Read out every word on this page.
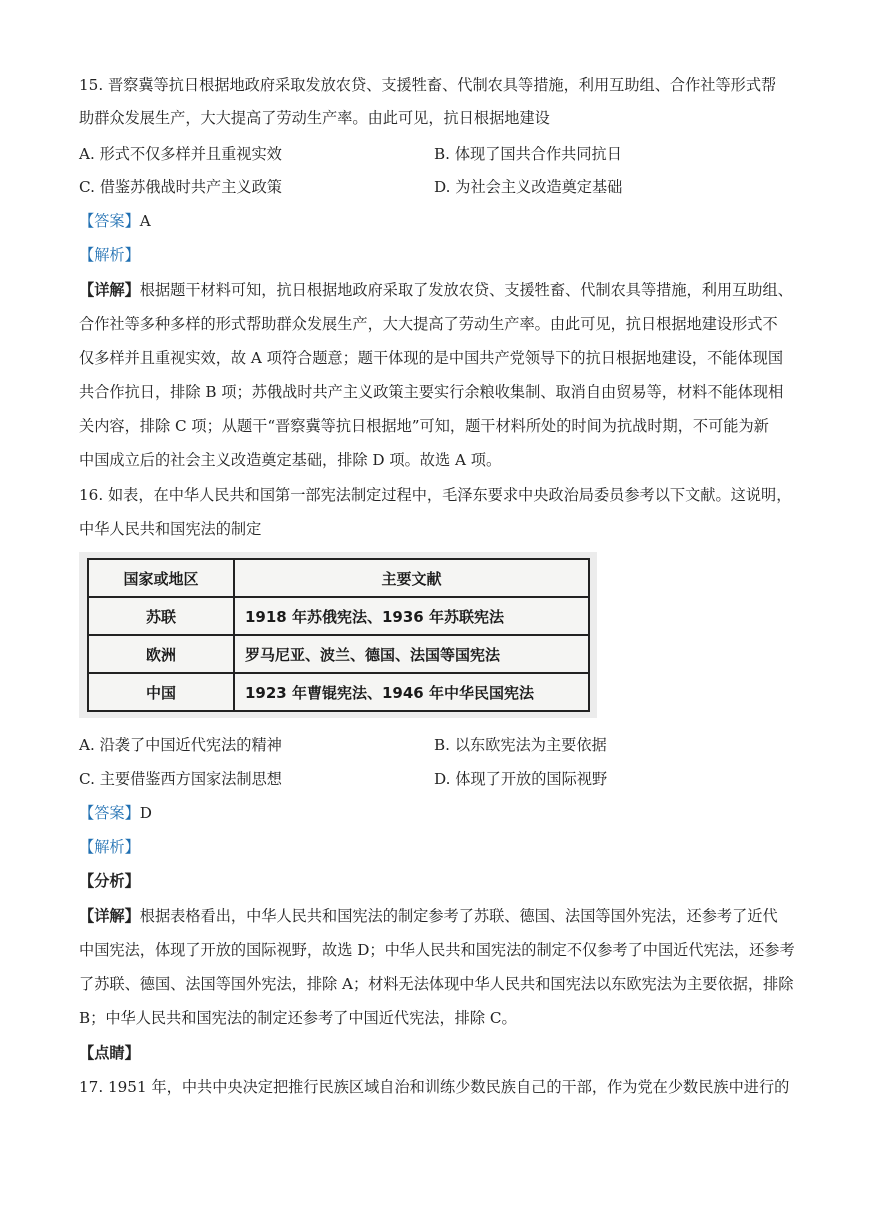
15. 晋察冀等抗日根据地政府采取发放农贷、支援牲畜、代制农具等措施，利用互助组、合作社等形式帮
助群众发展生产，大大提高了劳动生产率。由此可见，抗日根据地建设
A. 形式不仅多样并且重视实效	B. 体现了国共合作共同抗日
C. 借鉴苏俄战时共产主义政策	D. 为社会主义改造奠定基础
【答案】A
【解析】
【详解】根据题干材料可知，抗日根据地政府采取了发放农贷、支援牲畜、代制农具等措施，利用互助组、
合作社等多种多样的形式帮助群众发展生产，大大提高了劳动生产率。由此可见，抗日根据地建设形式不
仅多样并且重视实效，故 A 项符合题意；题干体现的是中国共产党领导下的抗日根据地建设，不能体现国
共合作抗日，排除 B 项；苏俄战时共产主义政策主要实行余粮收集制、取消自由贸易等，材料不能体现相
关内容，排除 C 项；从题干“晋察冀等抗日根据地”可知，题干材料所处的时间为抗战时期，不可能为新
中国成立后的社会主义改造奠定基础，排除 D 项。故选 A 项。
16. 如表，在中华人民共和国第一部宪法制定过程中，毛泽东要求中央政治局委员参考以下文献。这说明，
中华人民共和国宪法的制定
国家或地区	主要文献
苏联	1918 年苏俄宪法、1936 年苏联宪法
欧洲	罗马尼亚、波兰、德国、法国等国宪法
中国	1923 年曹锟宪法、1946 年中华民国宪法
A. 沿袭了中国近代宪法的精神	B. 以东欧宪法为主要依据
C. 主要借鉴西方国家法制思想	D. 体现了开放的国际视野
【答案】D
【解析】
【分析】
【详解】根据表格看出，中华人民共和国宪法的制定参考了苏联、德国、法国等国外宪法，还参考了近代
中国宪法，体现了开放的国际视野，故选 D；中华人民共和国宪法的制定不仅参考了中国近代宪法，还参考
了苏联、德国、法国等国外宪法，排除 A；材料无法体现中华人民共和国宪法以东欧宪法为主要依据，排除
B；中华人民共和国宪法的制定还参考了中国近代宪法，排除 C。
【点睛】
17. 1951 年，中共中央决定把推行民族区域自治和训练少数民族自己的干部，作为党在少数民族中进行的
